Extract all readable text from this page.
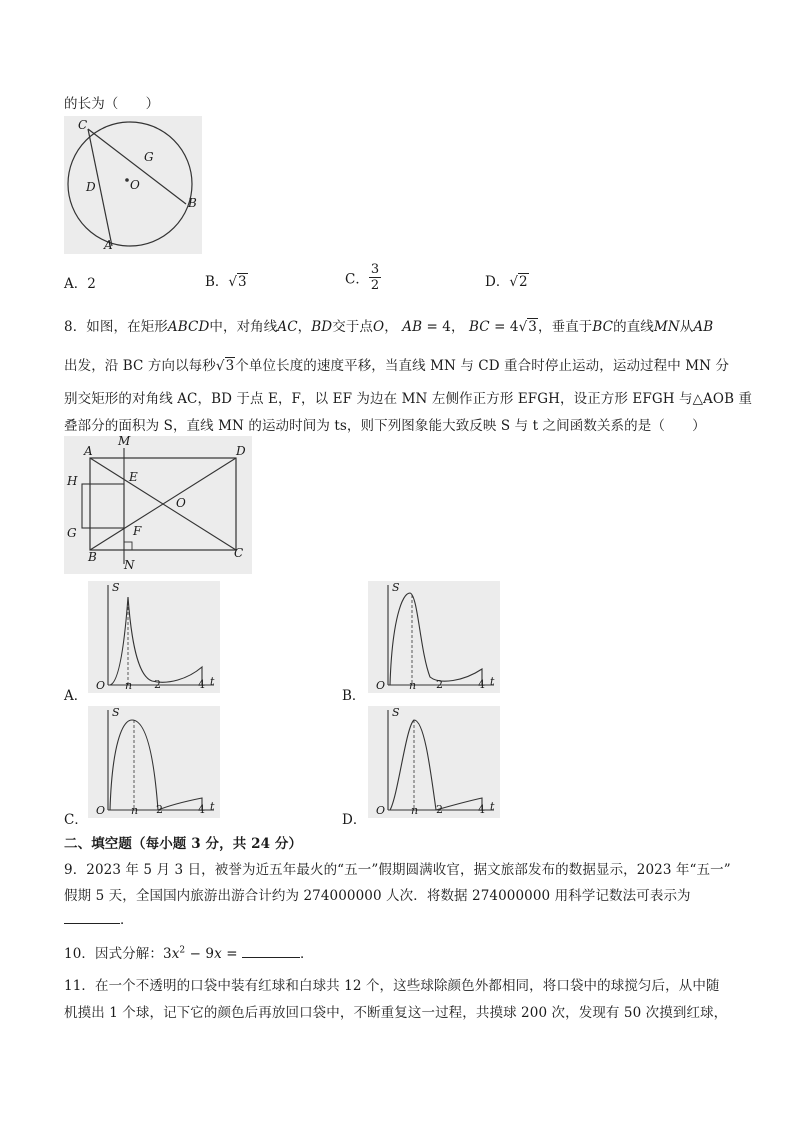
的长为（　　）
C
G
D	O
B
A
A．2	B．√3	C． $\frac{3}{2}$	D．√2
8．如图，在矩形ABCD中，对角线AC，BD交于点O， AB = 4， BC = 4√3，垂直于BC的直线MN从AB
出发，沿 BC 方向以每秒√3个单位长度的速度平移，当直线 MN 与 CD 重合时停止运动，运动过程中 MN 分
别交矩形的对角线 AC，BD 于点 E，F，以 EF 为边在 MN 左侧作正方形 EFGH，设正方形 EFGH 与△AOB 重
叠部分的面积为 S，直线 MN 的运动时间为 ts，则下列图象能大致反映 S 与 t 之间函数关系的是（　　）
M
A	D
H	E
O
G	F
B
N
C
S
O n 2	4 t
A．
S
O n 2	4 t
B．
S
O n 2	4 t
C．
S
O n 2	4 t
D．
二、填空题（每小题 3 分，共 24 分）
9．2023 年 5 月 3 日，被誉为近五年最火的“五一”假期圆满收官，据文旅部发布的数据显示，2023 年“五一”
假期 5 天，全国国内旅游出游合计约为 274000000 人次．将数据 274000000 用科学记数法可表示为
．
10．因式分解：$3x^2 - 9x$ =	．
11．在一个不透明的口袋中装有红球和白球共 12 个，这些球除颜色外都相同，将口袋中的球搅匀后，从中随
机摸出 1 个球，记下它的颜色后再放回口袋中，不断重复这一过程，共摸球 200 次，发现有 50 次摸到红球，
